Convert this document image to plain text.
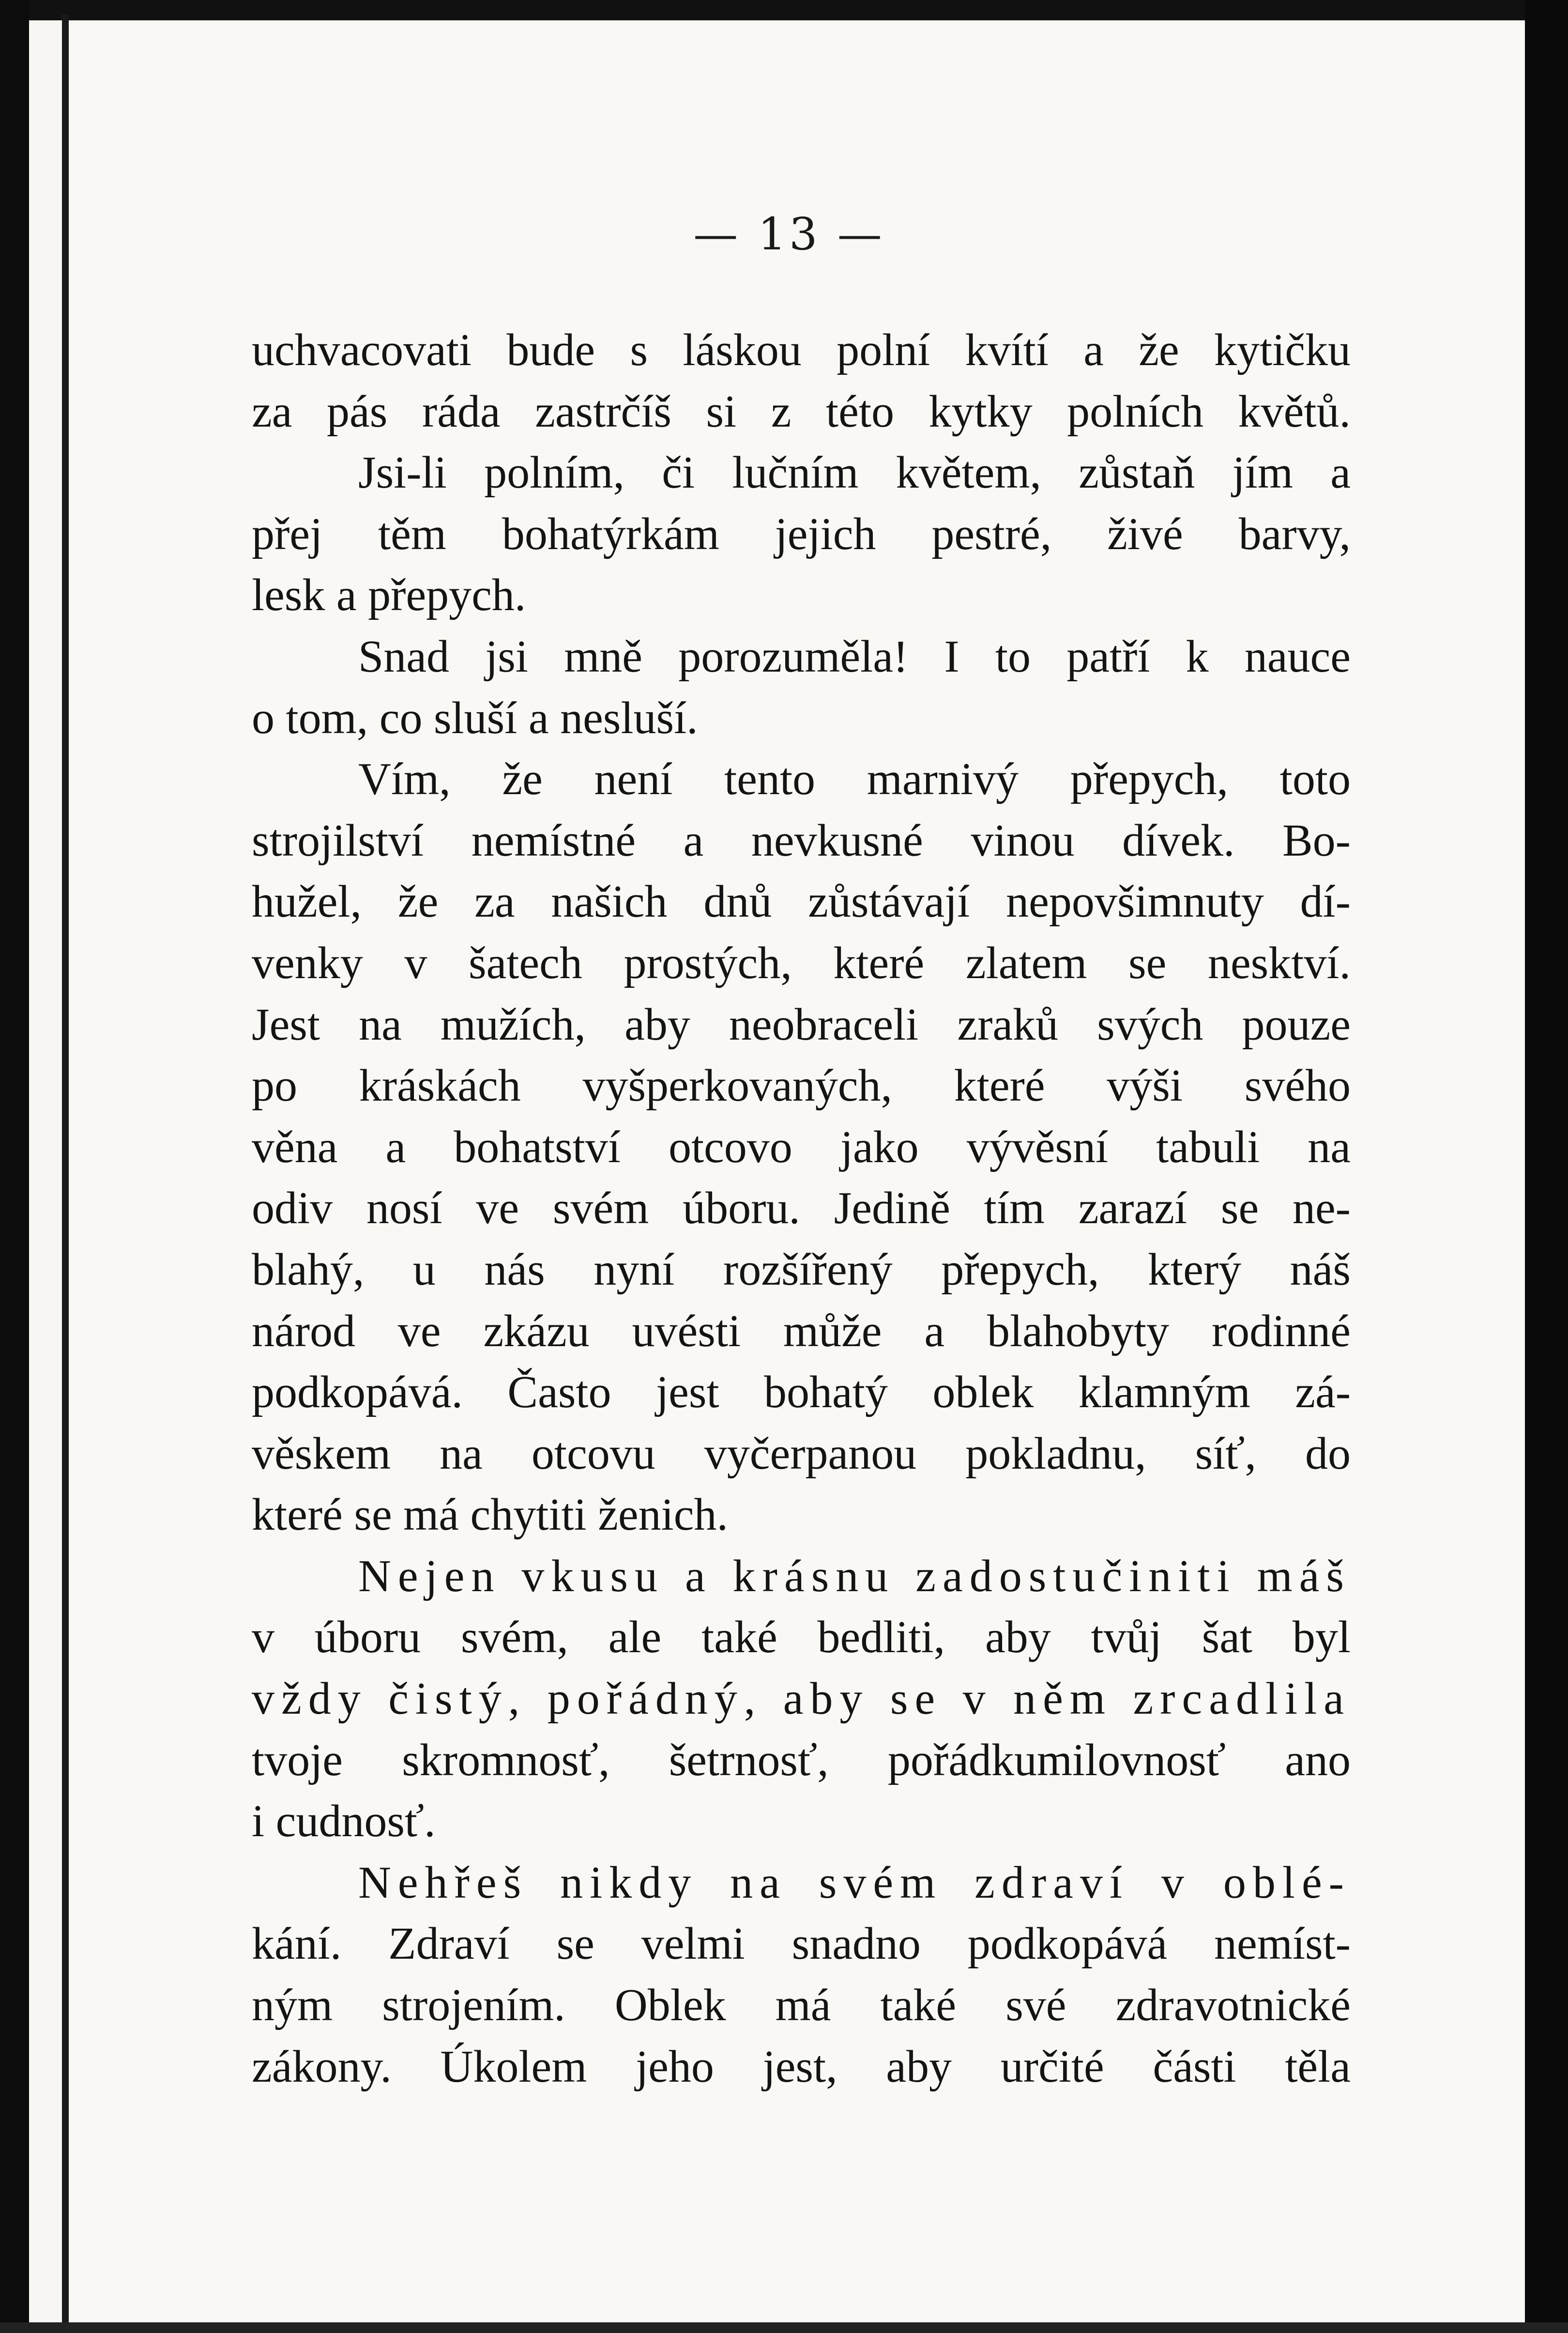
— 13 —
uchvacovati bude s láskou polní kvítí a že kytičku
za pás ráda zastrčíš si z této kytky polních květů.
Jsi-li polním, či lučním květem, zůstaň jím a
přej těm bohatýrkám jejich pestré, živé barvy,
lesk a přepych.
Snad jsi mně porozuměla! I to patří k nauce
o tom, co sluší a nesluší.
Vím, že není tento marnivý přepych, toto
strojilství nemístné a nevkusné vinou dívek. Bo-
hužel, že za našich dnů zůstávají nepovšimnuty dí-
venky v šatech prostých, které zlatem se nesktví.
Jest na mužích, aby neobraceli zraků svých pouze
po kráskách vyšperkovaných, které výši svého
věna a bohatství otcovo jako vývěsní tabuli na
odiv nosí ve svém úboru. Jedině tím zarazí se ne-
blahý, u nás nyní rozšířený přepych, který náš
národ ve zkázu uvésti může a blahobyty rodinné
podkopává. Často jest bohatý oblek klamným zá-
věskem na otcovu vyčerpanou pokladnu, síť, do
které se má chytiti ženich.
Nejen vkusu a krásnu zadostučiniti máš
v úboru svém, ale také bedliti, aby tvůj šat byl
vždy čistý, pořádný, aby se v něm zrcadlila
tvoje skromnosť, šetrnosť, pořádkumilovnosť ano
i cudnosť.
Nehřeš nikdy na svém zdraví v oblé-
kání. Zdraví se velmi snadno podkopává nemíst-
ným strojením. Oblek má také své zdravotnické
zákony. Úkolem jeho jest, aby určité části těla
